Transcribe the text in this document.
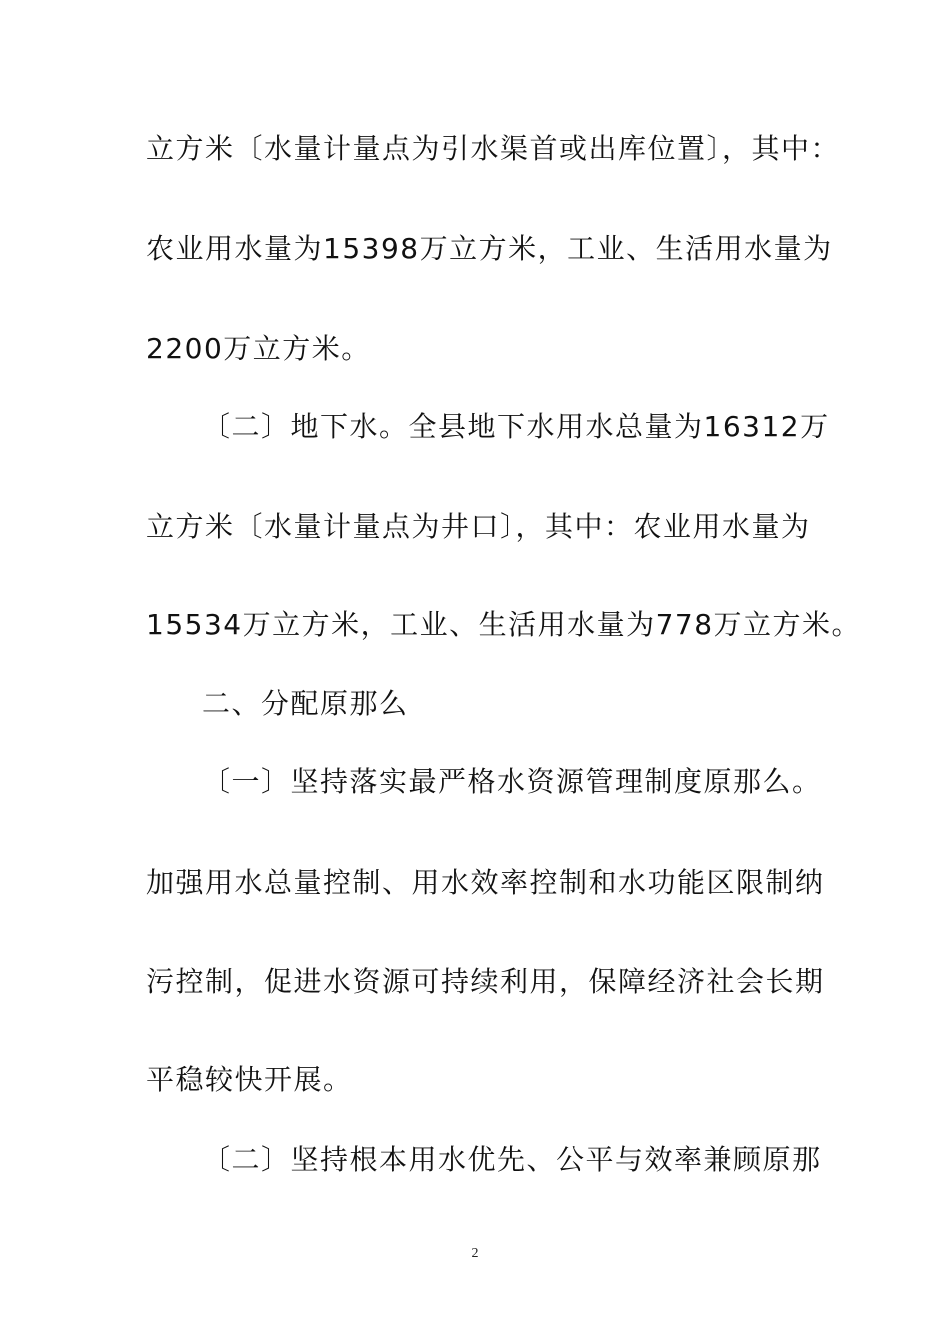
立方米〔水量计量点为引水渠首或出库位置〕，其中：
农业用水量为15398万立方米，工业、生活用水量为
2200万立方米。
〔二〕地下水。全县地下水用水总量为16312万
立方米〔水量计量点为井口〕，其中：农业用水量为
15534万立方米，工业、生活用水量为778万立方米。
二、分配原那么
〔一〕坚持落实最严格水资源管理制度原那么。
加强用水总量控制、用水效率控制和水功能区限制纳
污控制，促进水资源可持续利用，保障经济社会长期
平稳较快开展。
〔二〕坚持根本用水优先、公平与效率兼顾原那
2
